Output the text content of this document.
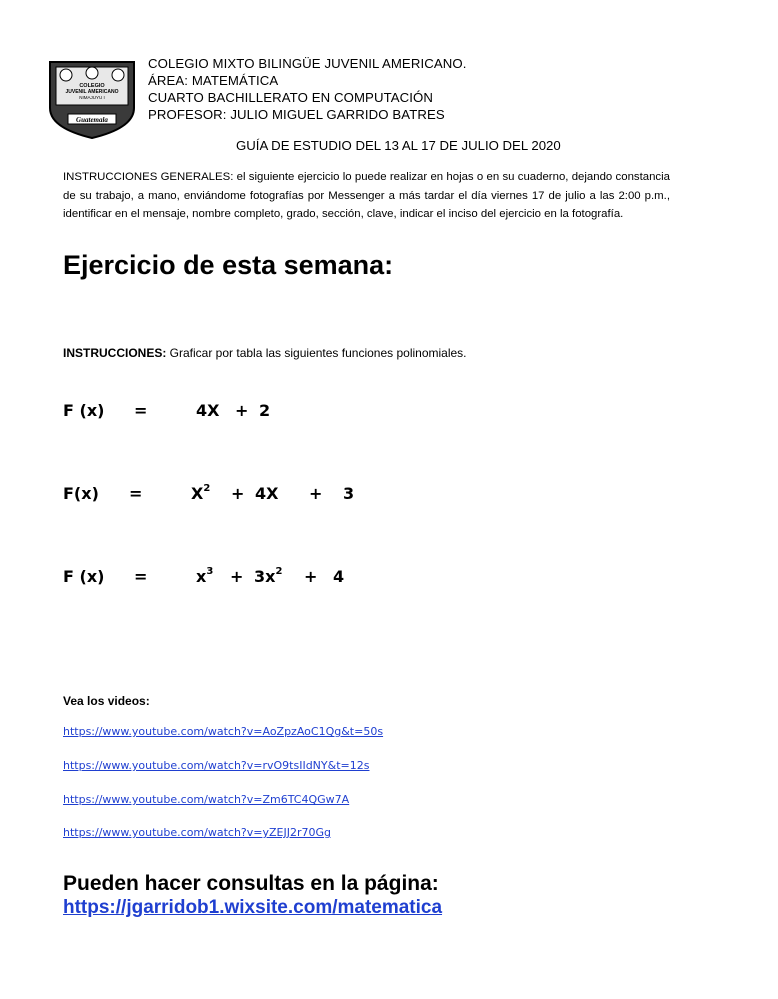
COLEGIO
JUVENIL AMERICANO
NIMAJUYU I
Guatemala
COLEGIO MIXTO BILINGÜE JUVENIL AMERICANO.
ÁREA: MATEMÁTICA
CUARTO BACHILLERATO EN COMPUTACIÓN
PROFESOR: JULIO MIGUEL GARRIDO BATRES
GUÍA DE ESTUDIO DEL 13 AL 17 DE JULIO DEL 2020
INSTRUCCIONES GENERALES: el siguiente ejercicio lo puede realizar en hojas o en su cuaderno, dejando constancia de su trabajo, a mano, enviándome fotografías por Messenger a más tardar el día viernes 17 de julio a las 2:00 p.m., identificar en el mensaje, nombre completo, grado, sección, clave, indicar el inciso del ejercicio en la fotografía.
Ejercicio de esta semana:
INSTRUCCIONES: Graficar por tabla las siguientes funciones polinomiales.
F (x) =	4X + 2
F(x) =	$X^2 + 4X + 3$
F (x) =	$x^3 + 3x^2 + 4$
Vea los videos:
https://www.youtube.com/watch?v=AoZpzAoC1Qg&t=50s
https://www.youtube.com/watch?v=rvO9tsIIdNY&t=12s
https://www.youtube.com/watch?v=Zm6TC4QGw7A
https://www.youtube.com/watch?v=yZEJJ2r70Gg
Pueden hacer consultas en la página:
https://jgarridob1.wixsite.com/matematica
